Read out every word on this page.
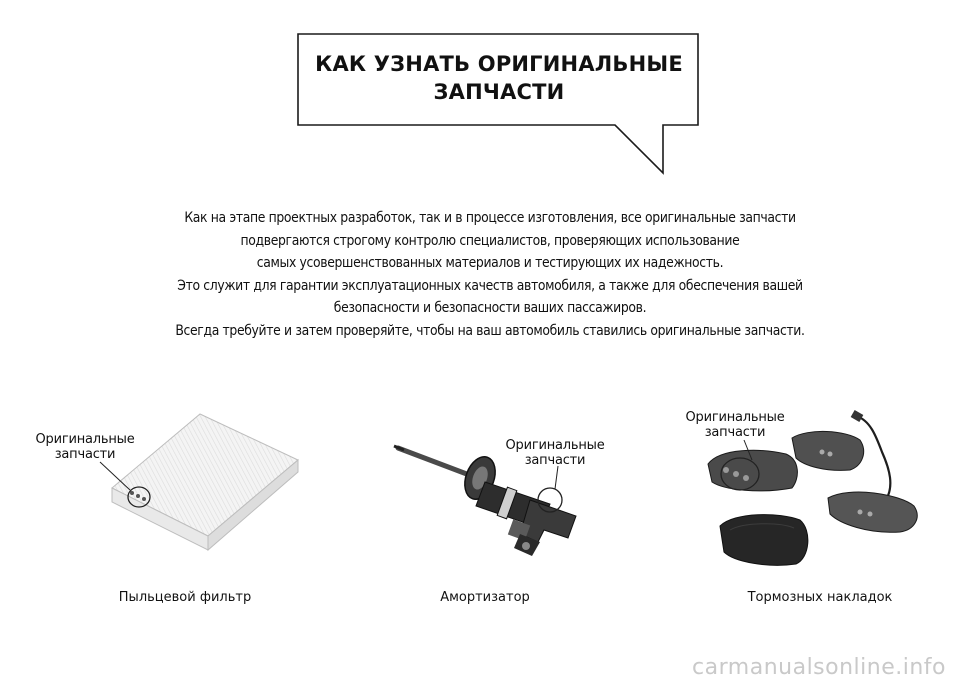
КАК УЗНАТЬ ОРИГИНАЛЬНЫЕ
ЗАПЧАСТИ
Как на этапе проектных разработок, так и в процессе изготовления, все оригинальные запчасти
подвергаются строгому контролю специалистов, проверяющих использование
самых усовершенствованных материалов и тестирующих их надежность.
Это служит для гарантии эксплуатационных качеств автомобиля, а также для обеспечения вашей
безопасности и безопасности ваших пассажиров.
Всегда требуйте и затем проверяйте, чтобы на ваш автомобиль ставились оригинальные запчасти.
Оригинальные
запчасти
Пыльцевой фильтр
Оригинальные
запчасти
Амортизатор
Оригинальные
запчасти
Тормозных накладок
carmanualsonline.info
